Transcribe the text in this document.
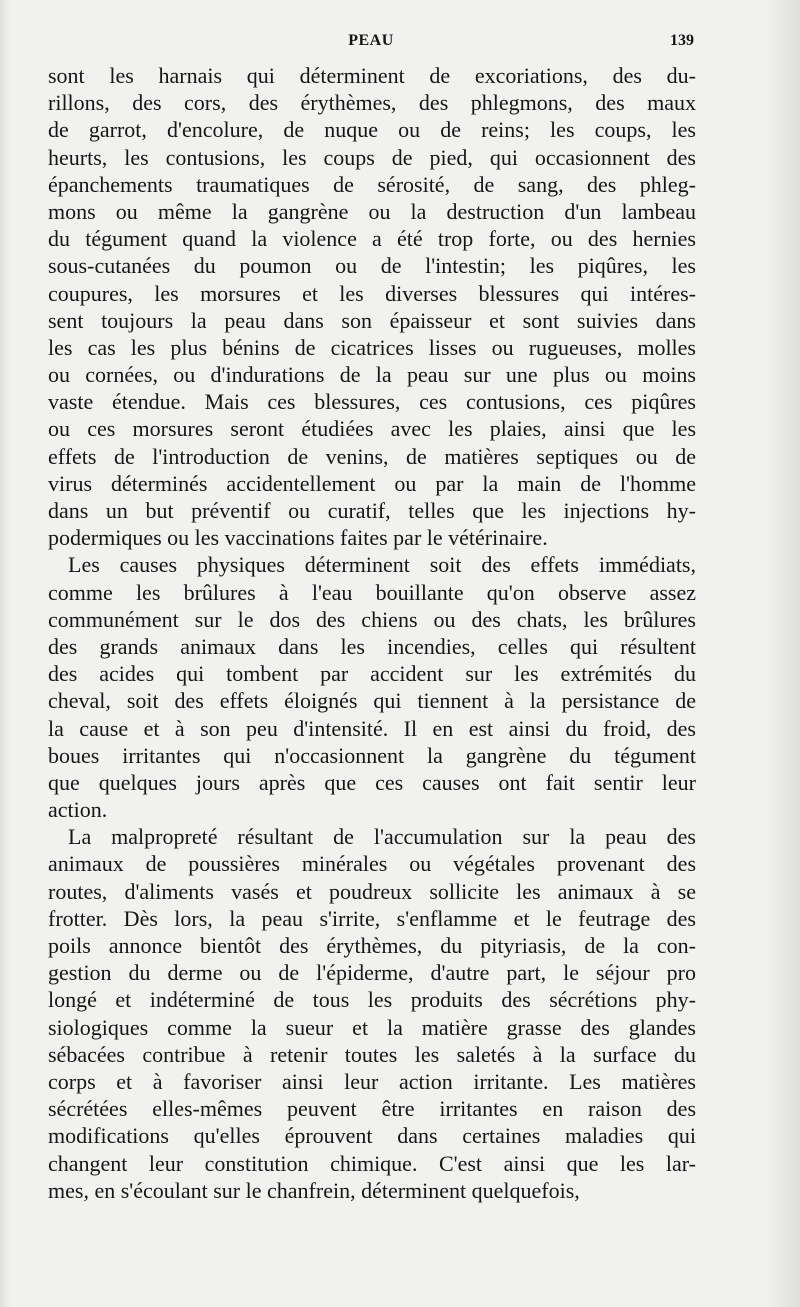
PEAU	139
sont les harnais qui déterminent de excoriations, des du-
rillons, des cors, des érythèmes, des phlegmons, des maux
de garrot, d'encolure, de nuque ou de reins; les coups, les
heurts, les contusions, les coups de pied, qui occasionnent des
épanchements traumatiques de sérosité, de sang, des phleg-
mons ou même la gangrène ou la destruction d'un lambeau
du tégument quand la violence a été trop forte, ou des hernies
sous-cutanées du poumon ou de l'intestin; les piqûres, les
coupures, les morsures et les diverses blessures qui intéres-
sent toujours la peau dans son épaisseur et sont suivies dans
les cas les plus bénins de cicatrices lisses ou rugueuses, molles
ou cornées, ou d'indurations de la peau sur une plus ou moins
vaste étendue. Mais ces blessures, ces contusions, ces piqûres
ou ces morsures seront étudiées avec les plaies, ainsi que les
effets de l'introduction de venins, de matières septiques ou de
virus déterminés accidentellement ou par la main de l'homme
dans un but préventif ou curatif, telles que les injections hy-
podermiques ou les vaccinations faites par le vétérinaire.
Les causes physiques déterminent soit des effets immédiats,
comme les brûlures à l'eau bouillante qu'on observe assez
communément sur le dos des chiens ou des chats, les brûlures
des grands animaux dans les incendies, celles qui résultent
des acides qui tombent par accident sur les extrémités du
cheval, soit des effets éloignés qui tiennent à la persistance de
la cause et à son peu d'intensité. Il en est ainsi du froid, des
boues irritantes qui n'occasionnent la gangrène du tégument
que quelques jours après que ces causes ont fait sentir leur
action.
La malpropreté résultant de l'accumulation sur la peau des
animaux de poussières minérales ou végétales provenant des
routes, d'aliments vasés et poudreux sollicite les animaux à se
frotter. Dès lors, la peau s'irrite, s'enflamme et le feutrage des
poils annonce bientôt des érythèmes, du pityriasis, de la con-
gestion du derme ou de l'épiderme, d'autre part, le séjour pro
longé et indéterminé de tous les produits des sécrétions phy-
siologiques comme la sueur et la matière grasse des glandes
sébacées contribue à retenir toutes les saletés à la surface du
corps et à favoriser ainsi leur action irritante. Les matières
sécrétées elles-mêmes peuvent être irritantes en raison des
modifications qu'elles éprouvent dans certaines maladies qui
changent leur constitution chimique. C'est ainsi que les lar-
mes, en s'écoulant sur le chanfrein, déterminent quelquefois,
